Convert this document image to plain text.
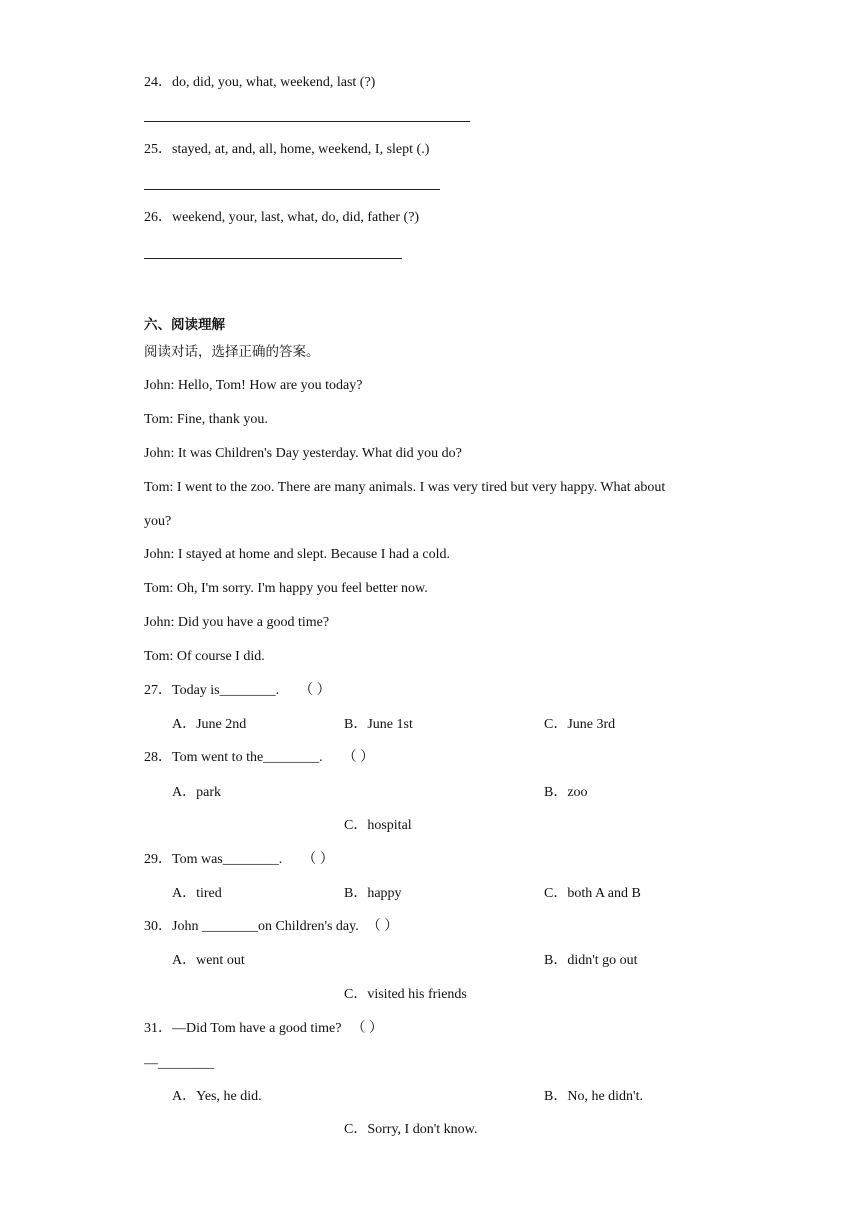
24．do, did, you, what, weekend, last (?)
25．stayed, at, and, all, home, weekend, I, slept (.)
26．weekend, your, last, what, do, did, father (?)
六、阅读理解
阅读对话，选择正确的答案。
John: Hello, Tom! How are you today?
Tom: Fine, thank you.
John: It was Children's Day yesterday. What did you do?
Tom: I went to the zoo. There are many animals. I was very tired but very happy. What about
you?
John: I stayed at home and slept. Because I had a cold.
Tom: Oh, I'm sorry. I'm happy you feel better now.
John: Did you have a good time?
Tom: Of course I did.
27．Today is________. （ ）
A．June 2nd	B．June 1st	C．June 3rd
28．Tom went to the________. （ ）
A．park	B．zoo
C．hospital
29．Tom was________. （ ）
A．tired	B．happy	C．both A and B
30．John ________on Children's day. （ ）
A．went out	B．didn't go out
C．visited his friends
31．—Did Tom have a good time? （ ）
—________
A．Yes, he did.	B．No, he didn't.
C．Sorry, I don't know.
